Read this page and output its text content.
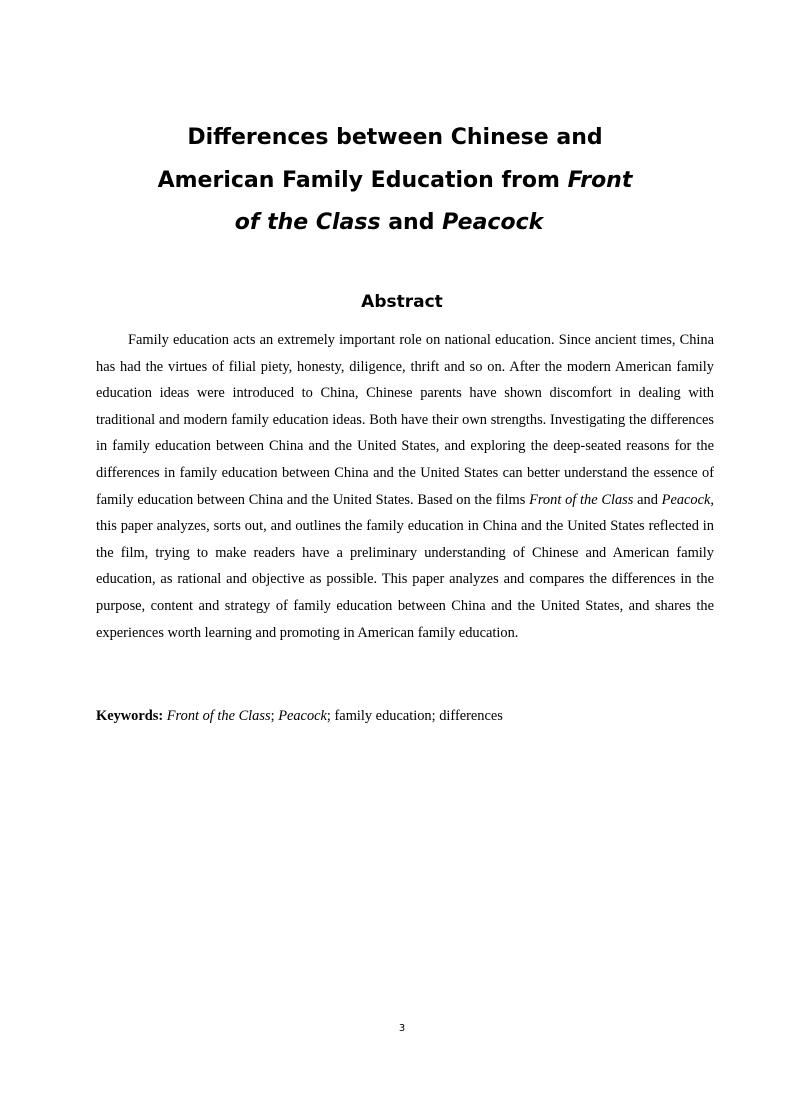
Differences between Chinese and
American Family Education from Front
of the Class and Peacock
Abstract

Family education acts an extremely important role on national education. Since ancient times, China has had the virtues of filial piety, honesty, diligence, thrift and so on. After the modern American family education ideas were introduced to China, Chinese parents have shown discomfort in dealing with traditional and modern family education ideas. Both have their own strengths. Investigating the differences in family education between China and the United States, and exploring the deep-seated reasons for the differences in family education between China and the United States can better understand the essence of family education between China and the United States. Based on the films Front of the Class and Peacock, this paper analyzes, sorts out, and outlines the family education in China and the United States reflected in the film, trying to make readers have a preliminary understanding of Chinese and American family education, as rational and objective as possible. This paper analyzes and compares the differences in the purpose, content and strategy of family education between China and the United States, and shares the experiences worth learning and promoting in American family education.

Keywords: Front of the Class; Peacock; family education; differences
3
